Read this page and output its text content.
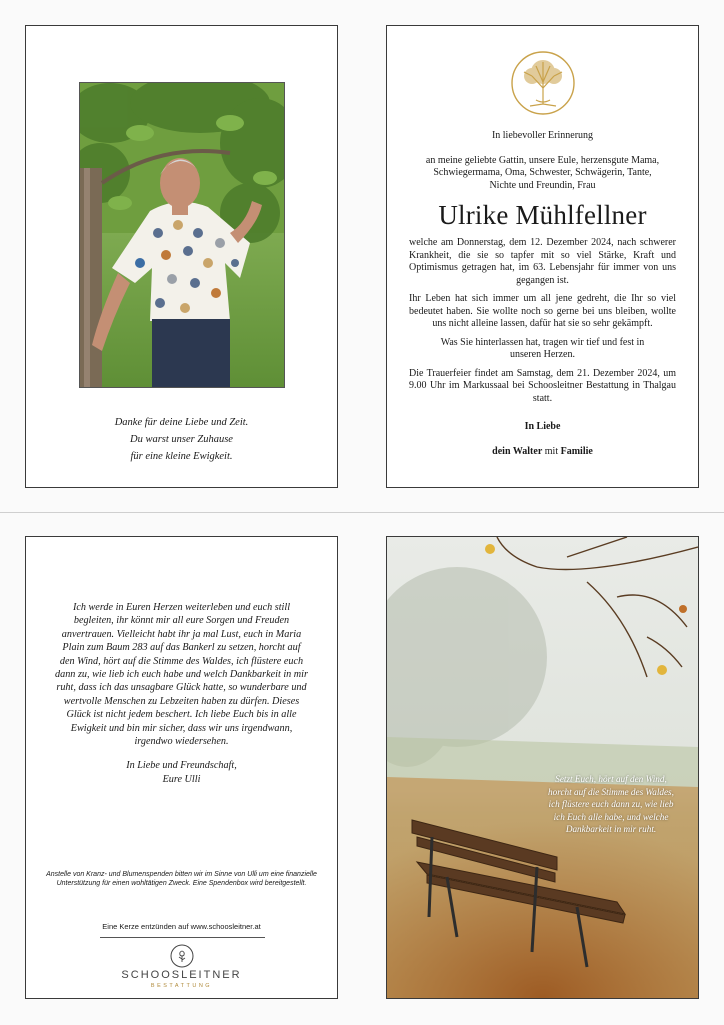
Danke für deine Liebe und Zeit.
Du warst unser Zuhause
für eine kleine Ewigkeit.

In liebevoller Erinnerung

an meine geliebte Gattin, unsere Eule, herzensgute Mama, Schwiegermama, Oma, Schwester, Schwägerin, Tante, Nichte und Freundin, Frau

Ulrike Mühlfellner

welche am Donnerstag, dem 12. Dezember 2024, nach schwerer Krankheit, die sie so tapfer mit so viel Stärke, Kraft und Optimismus getragen hat, im 63. Lebensjahr für immer von uns gegangen ist.

Ihr Leben hat sich immer um all jene gedreht, die Ihr so viel bedeutet haben. Sie wollte noch so gerne bei uns bleiben, wollte uns nicht alleine lassen, dafür hat sie so sehr gekämpft.

Was Sie hinterlassen hat, tragen wir tief und fest in unseren Herzen.

Die Trauerfeier findet am Samstag, dem 21. Dezember 2024, um 9.00 Uhr im Markussaal bei Schoosleitner Bestattung in Thalgau statt.

In Liebe

dein Walter mit Familie

Ich werde in Euren Herzen weiterleben und euch still begleiten, ihr könnt mir all eure Sorgen und Freuden anvertrauen. Vielleicht habt ihr ja mal Lust, euch in Maria Plain zum Baum 283 auf das Bankerl zu setzen, horcht auf den Wind, hört auf die Stimme des Waldes, ich flüstere euch dann zu, wie lieb ich euch habe und welch Dankbarkeit in mir ruht, dass ich das unsagbare Glück hatte, so wunderbare und wertvolle Menschen zu Lebzeiten haben zu dürfen. Dieses Glück ist nicht jedem beschert. Ich liebe Euch bis in alle Ewigkeit und bin mir sicher, dass wir uns irgendwann, irgendwo wiedersehen.
In Liebe und Freundschaft,
Eure Ulli
Anstelle von Kranz- und Blumenspenden bitten wir im Sinne von Ulli um eine finanzielle Unterstützung für einen wohltätigen Zweck. Eine Spendenbox wird bereitgestellt.
Eine Kerze entzünden auf www.schoosleitner.at
SCHOOSLEITNER
BESTATTUNG
Setzt Euch, hört auf den Wind, horcht auf die Stimme des Waldes, ich flüstere euch dann zu, wie lieb ich Euch alle habe, und welche Dankbarkeit in mir ruht.
